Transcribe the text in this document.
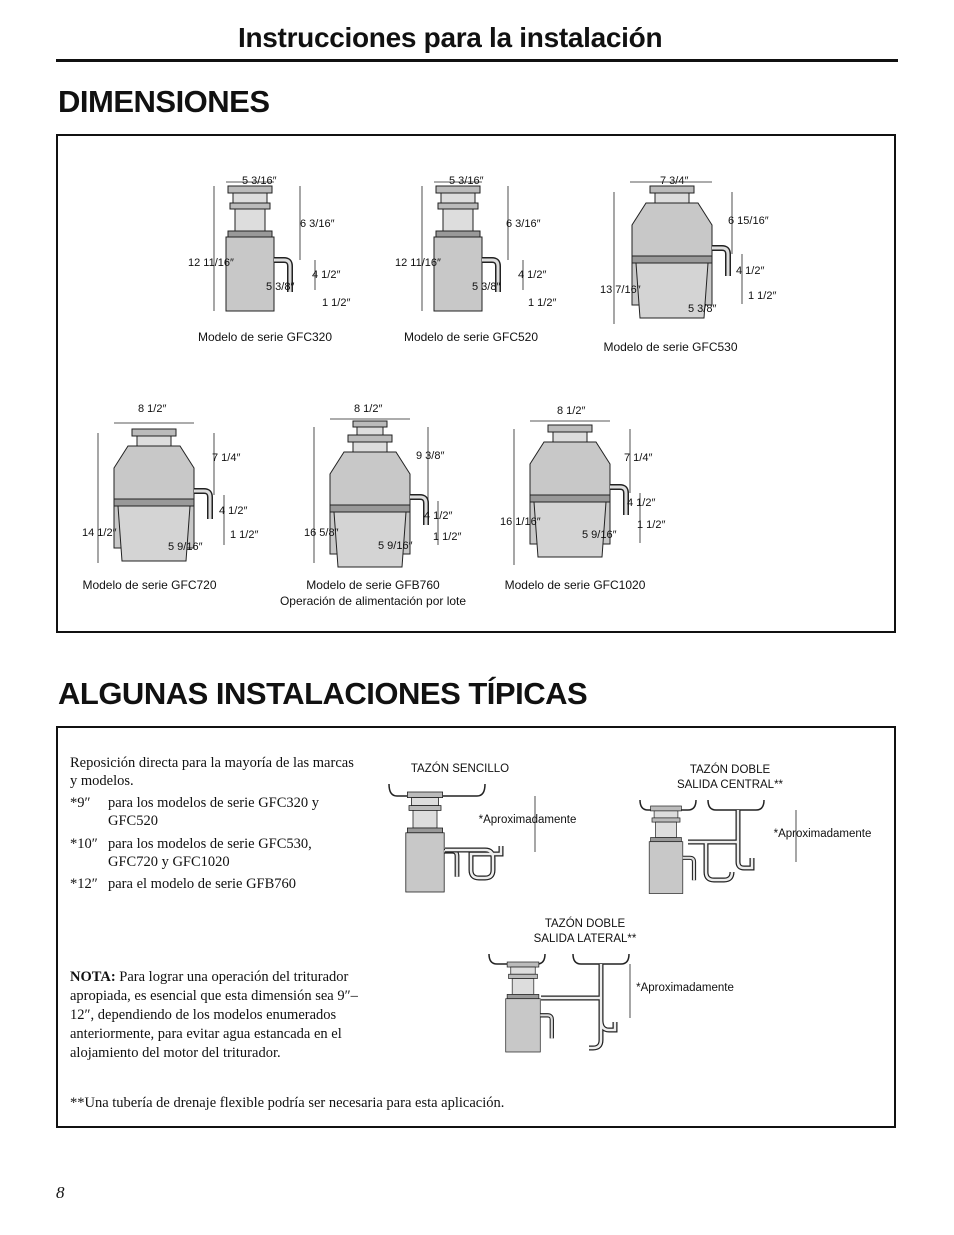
Instrucciones para la instalación
DIMENSIONES
5 3/16″
6 3/16″
12 11/16″
4 1/2″
5 3/8″
1 1/2″
Modelo de serie GFC320
5 3/16″
6 3/16″
12 11/16″
4 1/2″
5 3/8″
1 1/2″
Modelo de serie GFC520
7 3/4″
6 15/16″
13 7/16″
4 1/2″
5 3/8″
1 1/2″
Modelo de serie GFC530
8 1/2″
7 1/4″
14 1/2″
4 1/2″
5 9/16″
1 1/2″
Modelo de serie GFC720
8 1/2″
9 3/8″
16 5/8″
4 1/2″
5 9/16″
1 1/2″
Modelo de serie GFB760
Operación de alimentación por lote
8 1/2″
7 1/4″
16 1/16″
4 1/2″
5 9/16″
1 1/2″
Modelo de serie GFC1020
ALGUNAS INSTALACIONES TÍPICAS
Reposición directa para la mayoría de las marcas y modelos.
*9″ para los modelos de serie GFC320 y GFC520
*10″ para los modelos de serie GFC530, GFC720 y GFC1020
*12″ para el modelo de serie GFB760
NOTA: Para lograr una operación del triturador apropiada, es esencial que esta dimensión sea 9″–12″, dependiendo de los modelos enumerados anteriormente, para evitar agua estancada en el alojamiento del motor del triturador.
**Una tubería de drenaje flexible podría ser necesaria para esta aplicación.
TAZÓN SENCILLO
*Aproximadamente
TAZÓN DOBLE
SALIDA CENTRAL**
*Aproximadamente
TAZÓN DOBLE
SALIDA LATERAL**
*Aproximadamente
8
